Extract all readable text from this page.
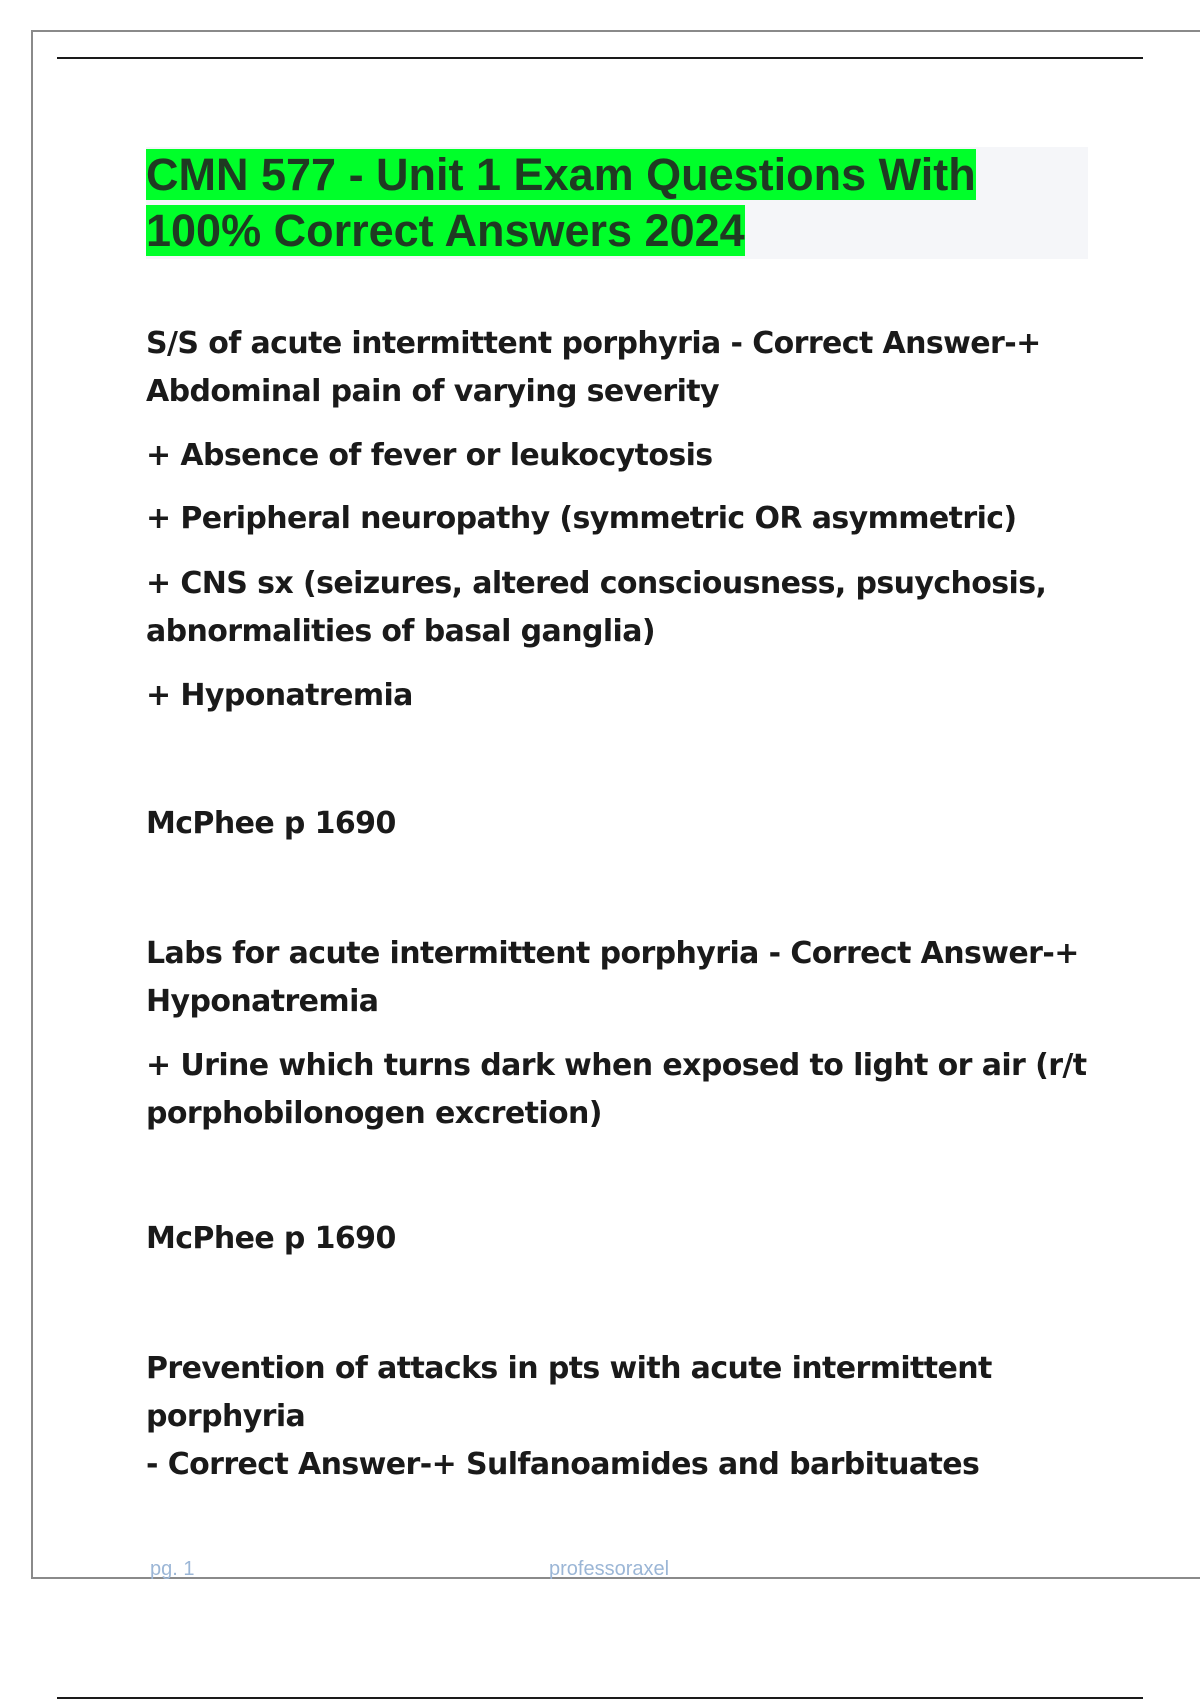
CMN 577 - Unit 1 Exam Questions With
100% Correct Answers 2024

S/S of acute intermittent porphyria - Correct Answer-+
Abdominal pain of varying severity

+ Absence of fever or leukocytosis

+ Peripheral neuropathy (symmetric OR asymmetric)

+ CNS sx (seizures, altered consciousness, psuychosis,
abnormalities of basal ganglia)

+ Hyponatremia

McPhee p 1690

Labs for acute intermittent porphyria - Correct Answer-+
Hyponatremia

+ Urine which turns dark when exposed to light or air (r/t
porphobilonogen excretion)

McPhee p 1690

Prevention of attacks in pts with acute intermittent porphyria
- Correct Answer-+ Sulfanoamides and barbituates

pg. 1	professoraxel
